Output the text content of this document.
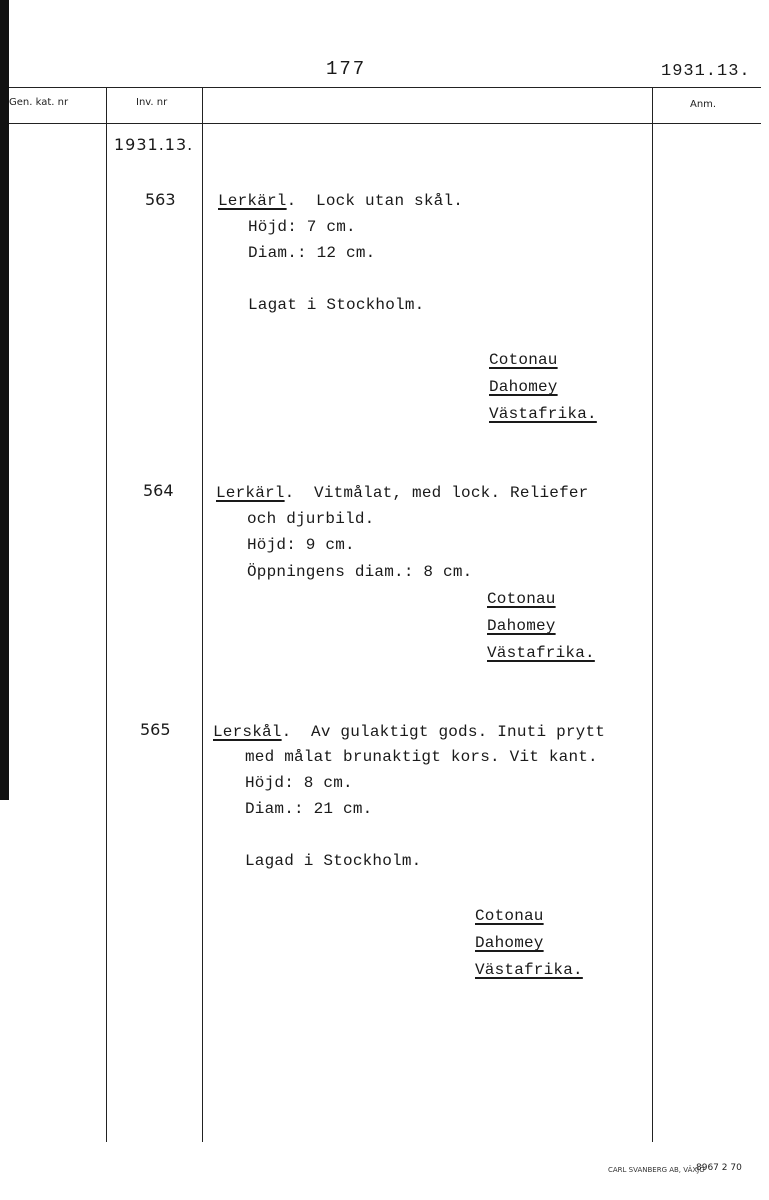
177	1931.13.
Gen. kat. nr	Inv. nr	Anm.
1931.13.
563	Lerkärl.  Lock utan skål.
Höjd: 7 cm.
Diam.: 12 cm.
Lagat i Stockholm.
Cotonau
Dahomey
Västafrika.
564	Lerkärl.  Vitmålat, med lock. Reliefer
och djurbild.
Höjd: 9 cm.
Öppningens diam.: 8 cm.
Cotonau
Dahomey
Västafrika.
565	Lerskål.  Av gulaktigt gods. Inuti prytt
med målat brunaktigt kors. Vit kant.
Höjd: 8 cm.
Diam.: 21 cm.
Lagad i Stockholm.
Cotonau
Dahomey
Västafrika.
CARL SVANBERG AB, VÄXJÖ
8967 2 70
